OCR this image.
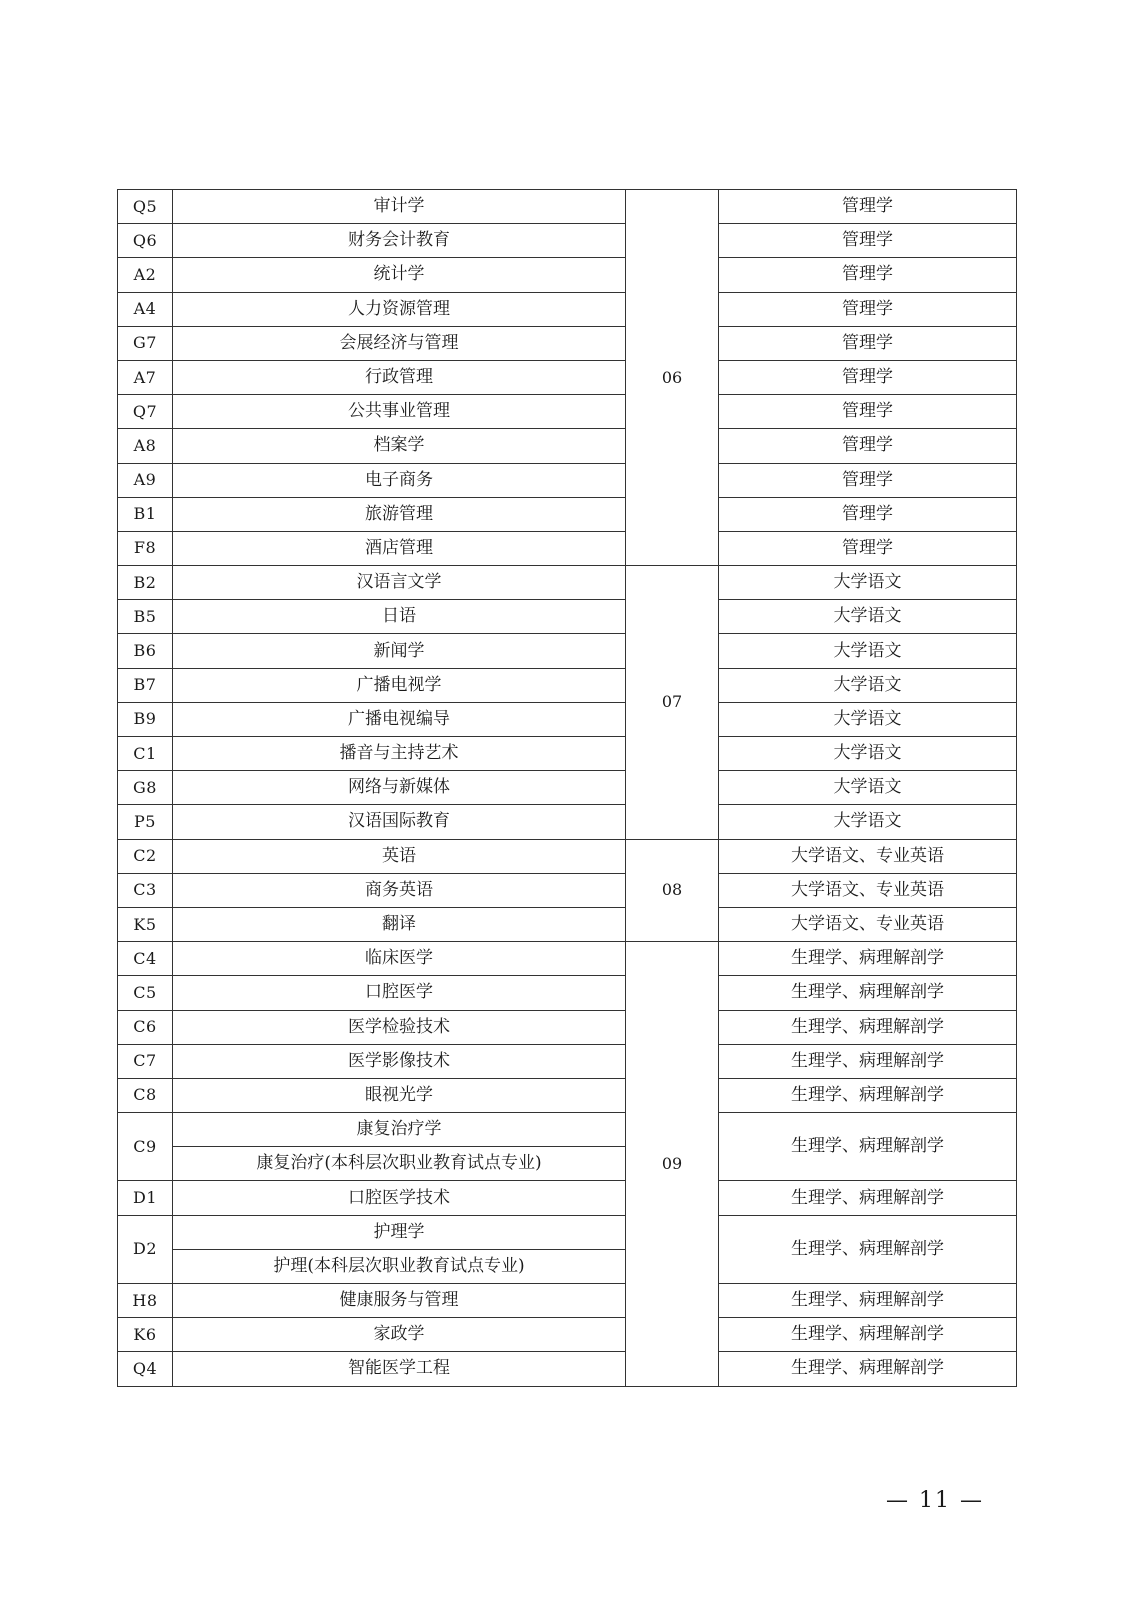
Q5	审计学	06	管理学
Q6	财务会计教育		管理学
A2	统计学		管理学
A4	人力资源管理		管理学
G7	会展经济与管理		管理学
A7	行政管理		管理学
Q7	公共事业管理		管理学
A8	档案学		管理学
A9	电子商务		管理学
B1	旅游管理		管理学
F8	酒店管理		管理学
B2	汉语言文学	07	大学语文
B5	日语		大学语文
B6	新闻学		大学语文
B7	广播电视学		大学语文
B9	广播电视编导		大学语文
C1	播音与主持艺术		大学语文
G8	网络与新媒体		大学语文
P5	汉语国际教育		大学语文
C2	英语	08	大学语文、专业英语
C3	商务英语		大学语文、专业英语
K5	翻译		大学语文、专业英语
C4	临床医学	09	生理学、病理解剖学
C5	口腔医学		生理学、病理解剖学
C6	医学检验技术		生理学、病理解剖学
C7	医学影像技术		生理学、病理解剖学
C8	眼视光学		生理学、病理解剖学
C9	康复治疗学		生理学、病理解剖学
	康复治疗(本科层次职业教育试点专业)		
D1	口腔医学技术		生理学、病理解剖学
D2	护理学		生理学、病理解剖学
	护理(本科层次职业教育试点专业)		
H8	健康服务与管理		生理学、病理解剖学
K6	家政学		生理学、病理解剖学
Q4	智能医学工程		生理学、病理解剖学
— 11 —
